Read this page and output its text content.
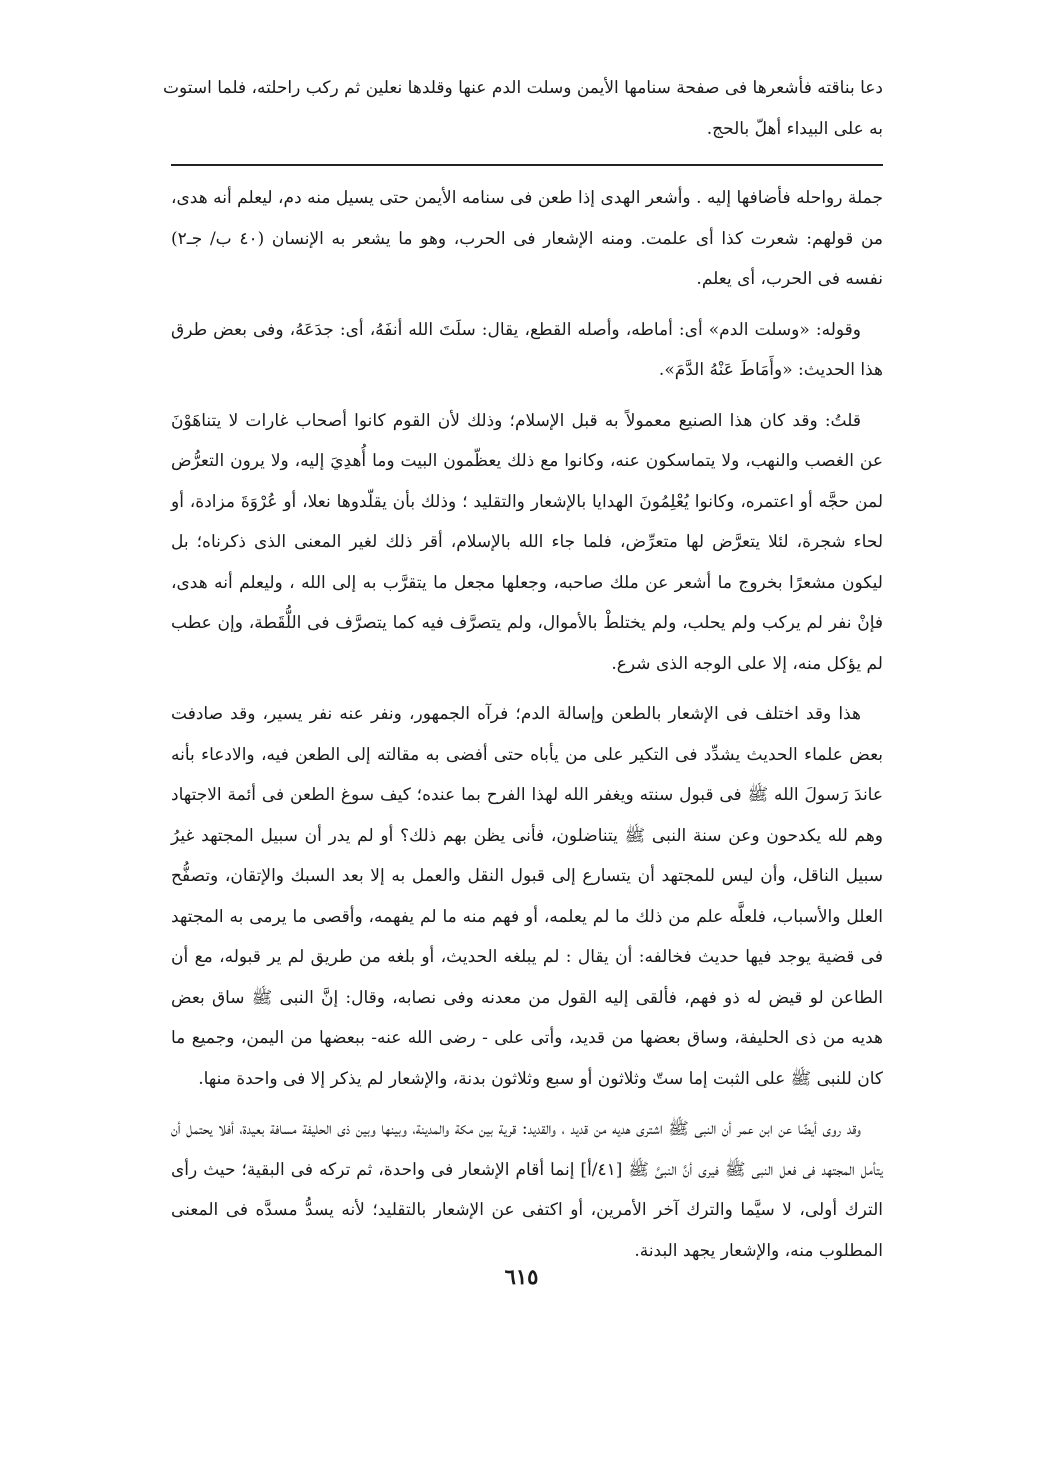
دعا بناقته فأشعرها فى صفحة سنامها الأيمن وسلت الدم عنها وقلدها نعلين ثم ركب راحلته، فلما استوت به على البيداء أهلّ بالحج.

جملة رواحله فأضافها إليه . وأشعر الهدى إذا طعن فى سنامه الأيمن حتى يسيل منه دم، ليعلم أنه هدى، من قولهم: شعرت كذا أى علمت. ومنه الإشعار فى الحرب، وهو ما يشعر به الإنسان (٤٠ ب/ جـ٢) نفسه فى الحرب، أى يعلم.

وقوله: «وسلت الدم» أى: أماطه، وأصله القطع، يقال: سلَتَ الله أنفَهُ، أى: جدَعَهُ، وفى بعض طرق هذا الحديث: «وأَمَاطَ عَنْهُ الدَّمَ».

قلتُ: وقد كان هذا الصنيع معمولاً به قبل الإسلام؛ وذلك لأن القوم كانوا أصحاب غارات لا يتناهَوْنَ عن الغصب والنهب، ولا يتماسكون عنه، وكانوا مع ذلك يعظّمون البيت وما أُهدِيَ إليه، ولا يرون التعرُّض لمن حجَّه أو اعتمره، وكانوا يُعْلِمُونَ الهدايا بالإشعار والتقليد ؛ وذلك بأن يقلّدوها نعلا، أو عُرْوَةَ مزادة، أو لحاء شجرة، لئلا يتعرَّض لها متعرِّض، فلما جاء الله بالإسلام، أقر ذلك لغير المعنى الذى ذكرناه؛ بل ليكون مشعرًا بخروج ما أشعر عن ملك صاحبه، وجعلها مجعل ما يتقرَّب به إلى الله ، وليعلم أنه هدى، فإنْ نفر لم يركب ولم يحلب، ولم يختلطْ بالأموال، ولم يتصرَّف فيه كما يتصرَّف فى اللُّقَطة، وإن عطب لم يؤكل منه، إلا على الوجه الذى شرع.

هذا وقد اختلف فى الإشعار بالطعن وإسالة الدم؛ فرآه الجمهور، ونفر عنه نفر يسير، وقد صادفت بعض علماء الحديث يشدِّد فى التكير على من يأباه حتى أفضى به مقالته إلى الطعن فيه، والادعاء بأنه عاندَ رَسولَ الله ﷺ فى قبول سنته ويغفر الله لهذا الفرح بما عنده؛ كيف سوغ الطعن فى أئمة الاجتهاد وهم لله يكدحون وعن سنة النبى ﷺ يتناضلون، فأنى يظن بهم ذلك؟ أو لم يدر أن سبيل المجتهد غيرُ سبيل الناقل، وأن ليس للمجتهد أن يتسارع إلى قبول النقل والعمل به إلا بعد السبك والإتقان، وتصفُّح العلل والأسباب، فلعلَّه علم من ذلك ما لم يعلمه، أو فهم منه ما لم يفهمه، وأقصى ما يرمى به المجتهد فى قضية يوجد فيها حديث فخالفه: أن يقال : لم يبلغه الحديث، أو بلغه من طريق لم ير قبوله، مع أن الطاعن لو قيض له ذو فهم، فألقى إليه القول من معدنه وفى نصابه، وقال: إنَّ النبى ﷺ ساق بعض هديه من ذى الحليفة، وساق بعضها من قديد، وأتى على - رضى الله عنه- ببعضها من اليمن، وجميع ما كان للنبى ﷺ على الثبت إما ستّ وثلاثون أو سبع وثلاثون بدنة، والإشعار لم يذكر إلا فى واحدة منها.

وقد روى أيضًا عن ابن عمر أن النبى ﷺ اشترى هديه من قديد ، والقديد: قرية بين مكة والمدينة، وبينها وبين ذى الحليفة مسافة بعيدة، أفلا يحتمل أن يتأمل المجتهد فى فعل النبى ﷺ فيرى أنَّ النبىَّ ﷺ [٤١/أ] إنما أقام الإشعار فى واحدة، ثم تركه فى البقية؛ حيث رأى الترك أولى، لا سيَّما والترك آخر الأمرين، أو اكتفى عن الإشعار بالتقليد؛ لأنه يسدُّ مسدَّه فى المعنى المطلوب منه، والإشعار يجهد البدنة.

٦١٥
